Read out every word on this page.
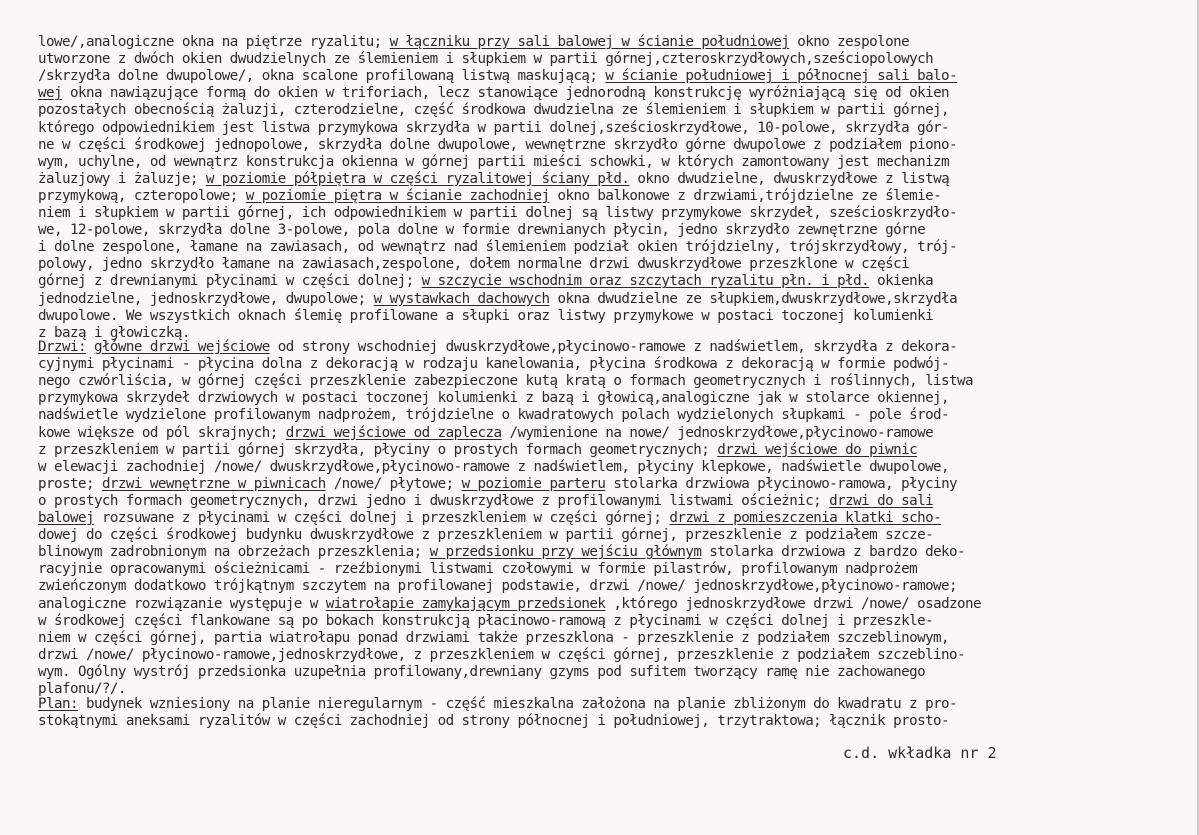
lowe/,analogiczne okna na piętrze ryzalitu; w łączniku przy sali balowej w ścianie południowej okno zespolone
utworzone z dwóch okien dwudzielnych ze ślemieniem i słupkiem w partii górnej,czteroskrzydłowych,sześciopolowych
/skrzydła dolne dwupolowe/, okna scalone profilowaną listwą maskującą; w ścianie południowej i północnej sali balo-
wej okna nawiązujące formą do okien w triforiach, lecz stanowiące jednorodną konstrukcję wyróżniającą się od okien
pozostałych obecnością żaluzji, czterodzielne, część środkowa dwudzielna ze ślemieniem i słupkiem w partii górnej,
którego odpowiednikiem jest listwa przymykowa skrzydła w partii dolnej,sześcioskrzydłowe, 10-polowe, skrzydła gór-
ne w części środkowej jednopolowe, skrzydła dolne dwupolowe, wewnętrzne skrzydło górne dwupolowe z podziałem piono-
wym, uchylne, od wewnątrz konstrukcja okienna w górnej partii mieści schowki, w których zamontowany jest mechanizm
żaluzjowy i żaluzje; w poziomie półpiętra w części ryzalitowej ściany płd. okno dwudzielne, dwuskrzydłowe z listwą
przymykową, czteropolowe; w poziomie piętra w ścianie zachodniej okno balkonowe z drzwiami,trójdzielne ze ślemie-
niem i słupkiem w partii górnej, ich odpowiednikiem w partii dolnej są listwy przymykowe skrzydeł, sześcioskrzydło-
we, 12-polowe, skrzydła dolne 3-polowe, pola dolne w formie drewnianych płycin, jedno skrzydło zewnętrzne górne
i dolne zespolone, łamane na zawiasach, od wewnątrz nad ślemieniem podział okien trójdzielny, trójskrzydłowy, trój-
polowy, jedno skrzydło łamane na zawiasach,zespolone, dołem normalne drzwi dwuskrzydłowe przeszklone w części
górnej z drewnianymi płycinami w części dolnej; w szczycie wschodnim oraz szczytach ryzalitu płn. i płd. okienka
jednodzielne, jednoskrzydłowe, dwupolowe; w wystawkach dachowych okna dwudzielne ze słupkiem,dwuskrzydłowe,skrzydła
dwupolowe. We wszystkich oknach ślemię profilowane a słupki oraz listwy przymykowe w postaci toczonej kolumienki
z bazą i głowiczką.
Drzwi: główne drzwi wejściowe od strony wschodniej dwuskrzydłowe,płycinowo-ramowe z nadświetlem, skrzydła z dekora-
cyjnymi płycinami - płycina dolna z dekoracją w rodzaju kanelowania, płycina środkowa z dekoracją w formie podwój-
nego czwórliścia, w górnej części przeszklenie zabezpieczone kutą kratą o formach geometrycznych i roślinnych, listwa
przymykowa skrzydeł drzwiowych w postaci toczonej kolumienki z bazą i głowicą,analogiczne jak w stolarce okiennej,
nadświetle wydzielone profilowanym nadprożem, trójdzielne o kwadratowych polach wydzielonych słupkami - pole środ-
kowe większe od pól skrajnych; drzwi wejściowe od zaplecza /wymienione na nowe/ jednoskrzydłowe,płycinowo-ramowe
z przeszkleniem w partii górnej skrzydła, płyciny o prostych formach geometrycznych; drzwi wejściowe do piwnic
w elewacji zachodniej /nowe/ dwuskrzydłowe,płycinowo-ramowe z nadświetlem, płyciny klepkowe, nadświetle dwupolowe,
proste; drzwi wewnętrzne w piwnicach /nowe/ płytowe; w poziomie parteru stolarka drzwiowa płycinowo-ramowa, płyciny
o prostych formach geometrycznych, drzwi jedno i dwuskrzydłowe z profilowanymi listwami ościeżnic; drzwi do sali
balowej rozsuwane z płycinami w części dolnej i przeszkleniem w części górnej; drzwi z pomieszczenia klatki scho-
dowej do części środkowej budynku dwuskrzydłowe z przeszkleniem w partii górnej, przeszklenie z podziałem szcze-
blinowym zadrobnionym na obrzeżach przeszklenia; w przedsionku przy wejściu głównym stolarka drzwiowa z bardzo deko-
racyjnie opracowanymi ościeżnicami - rzeźbionymi listwami czołowymi w formie pilastrów, profilowanym nadprożem
zwieńczonym dodatkowo trójkątnym szczytem na profilowanej podstawie, drzwi /nowe/ jednoskrzydłowe,płycinowo-ramowe;
analogiczne rozwiązanie występuje w wiatrołapie zamykającym przedsionek ,którego jednoskrzydłowe drzwi /nowe/ osadzone
w środkowej części flankowane są po bokach konstrukcją płacinowo-ramową z płycinami w części dolnej i przeszkle-
niem w części górnej, partia wiatrołapu ponad drzwiami także przeszklona - przeszklenie z podziałem szczeblinowym,
drzwi /nowe/ płycinowo-ramowe,jednoskrzydłowe, z przeszkleniem w części górnej, przeszklenie z podziałem szczeblino-
wym. Ogólny wystrój przedsionka uzupełnia profilowany,drewniany gzyms pod sufitem tworzący ramę nie zachowanego
plafonu/?/.
Plan: budynek wzniesiony na planie nieregularnym - część mieszkalna założona na planie zbliżonym do kwadratu z pro-
stokątnymi aneksami ryzalitów w części zachodniej od strony północnej i południowej, trzytraktowa; łącznik prosto-
c.d. wkładka nr 2
